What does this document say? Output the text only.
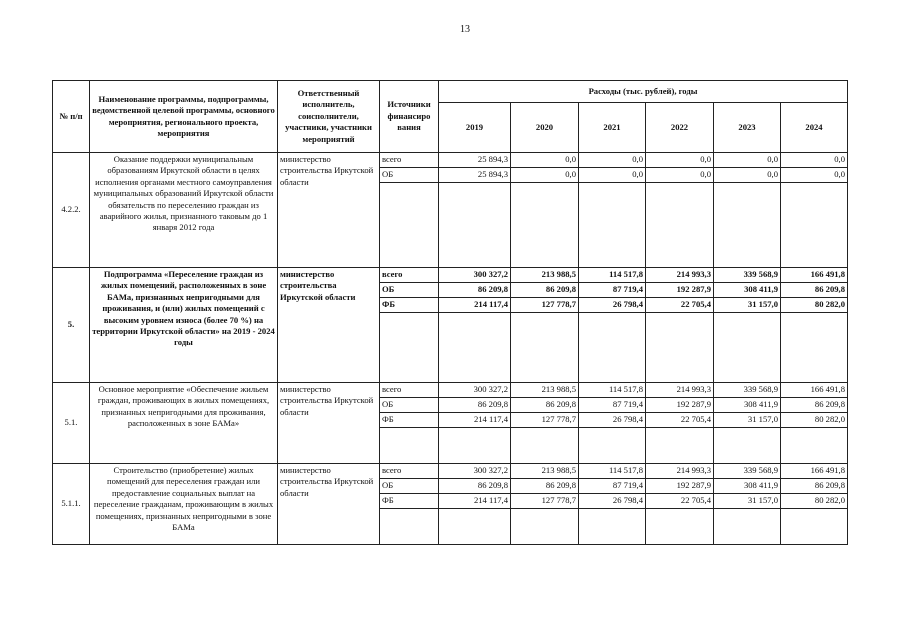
13
№ п/п	Наименование программы, подпрограммы, ведомственной целевой программы, основного мероприятия, регионального проекта, мероприятия	Ответственный исполнитель, соисполнители, участники, участники мероприятий	Источники финансиро вания	Расходы (тыс. рублей), годы					
				2019	2020	2021	2022	2023	2024
4.2.2.	Оказание поддержки муниципальным образованиям Иркутской области в целях исполнения органами местного самоуправления муниципальных образований Иркутской области обязательств по переселению граждан из аварийного жилья, признанного таковым до 1 января 2012 года	министерство строительства Иркутской области	всего	25 894,3	0,0	0,0	0,0	0,0	0,0
			ОБ	25 894,3	0,0	0,0	0,0	0,0	0,0

5.	Подпрограмма «Переселение граждан из жилых помещений, расположенных в зоне БАМа, признанных непригодными для проживания, и (или) жилых помещений с высоким уровнем износа (более 70 %) на территории Иркутской области» на 2019 - 2024 годы	министерство строительства Иркутской области	всего	300 327,2	213 988,5	114 517,8	214 993,3	339 568,9	166 491,8
			ОБ	86 209,8	86 209,8	87 719,4	192 287,9	308 411,9	86 209,8
			ФБ	214 117,4	127 778,7	26 798,4	22 705,4	31 157,0	80 282,0

5.1.	Основное мероприятие «Обеспечение жильем граждан, проживающих в жилых помещениях, признанных непригодными для проживания, расположенных в зоне БАМа»	министерство строительства Иркутской области	всего	300 327,2	213 988,5	114 517,8	214 993,3	339 568,9	166 491,8
			ОБ	86 209,8	86 209,8	87 719,4	192 287,9	308 411,9	86 209,8
			ФБ	214 117,4	127 778,7	26 798,4	22 705,4	31 157,0	80 282,0

5.1.1.	Строительство (приобретение) жилых помещений для переселения граждан или предоставление социальных выплат на переселение гражданам, проживающим в жилых помещениях, признанных непригодными в зоне БАМа	министерство строительства Иркутской области	всего	300 327,2	213 988,5	114 517,8	214 993,3	339 568,9	166 491,8
			ОБ	86 209,8	86 209,8	87 719,4	192 287,9	308 411,9	86 209,8
			ФБ	214 117,4	127 778,7	26 798,4	22 705,4	31 157,0	80 282,0
